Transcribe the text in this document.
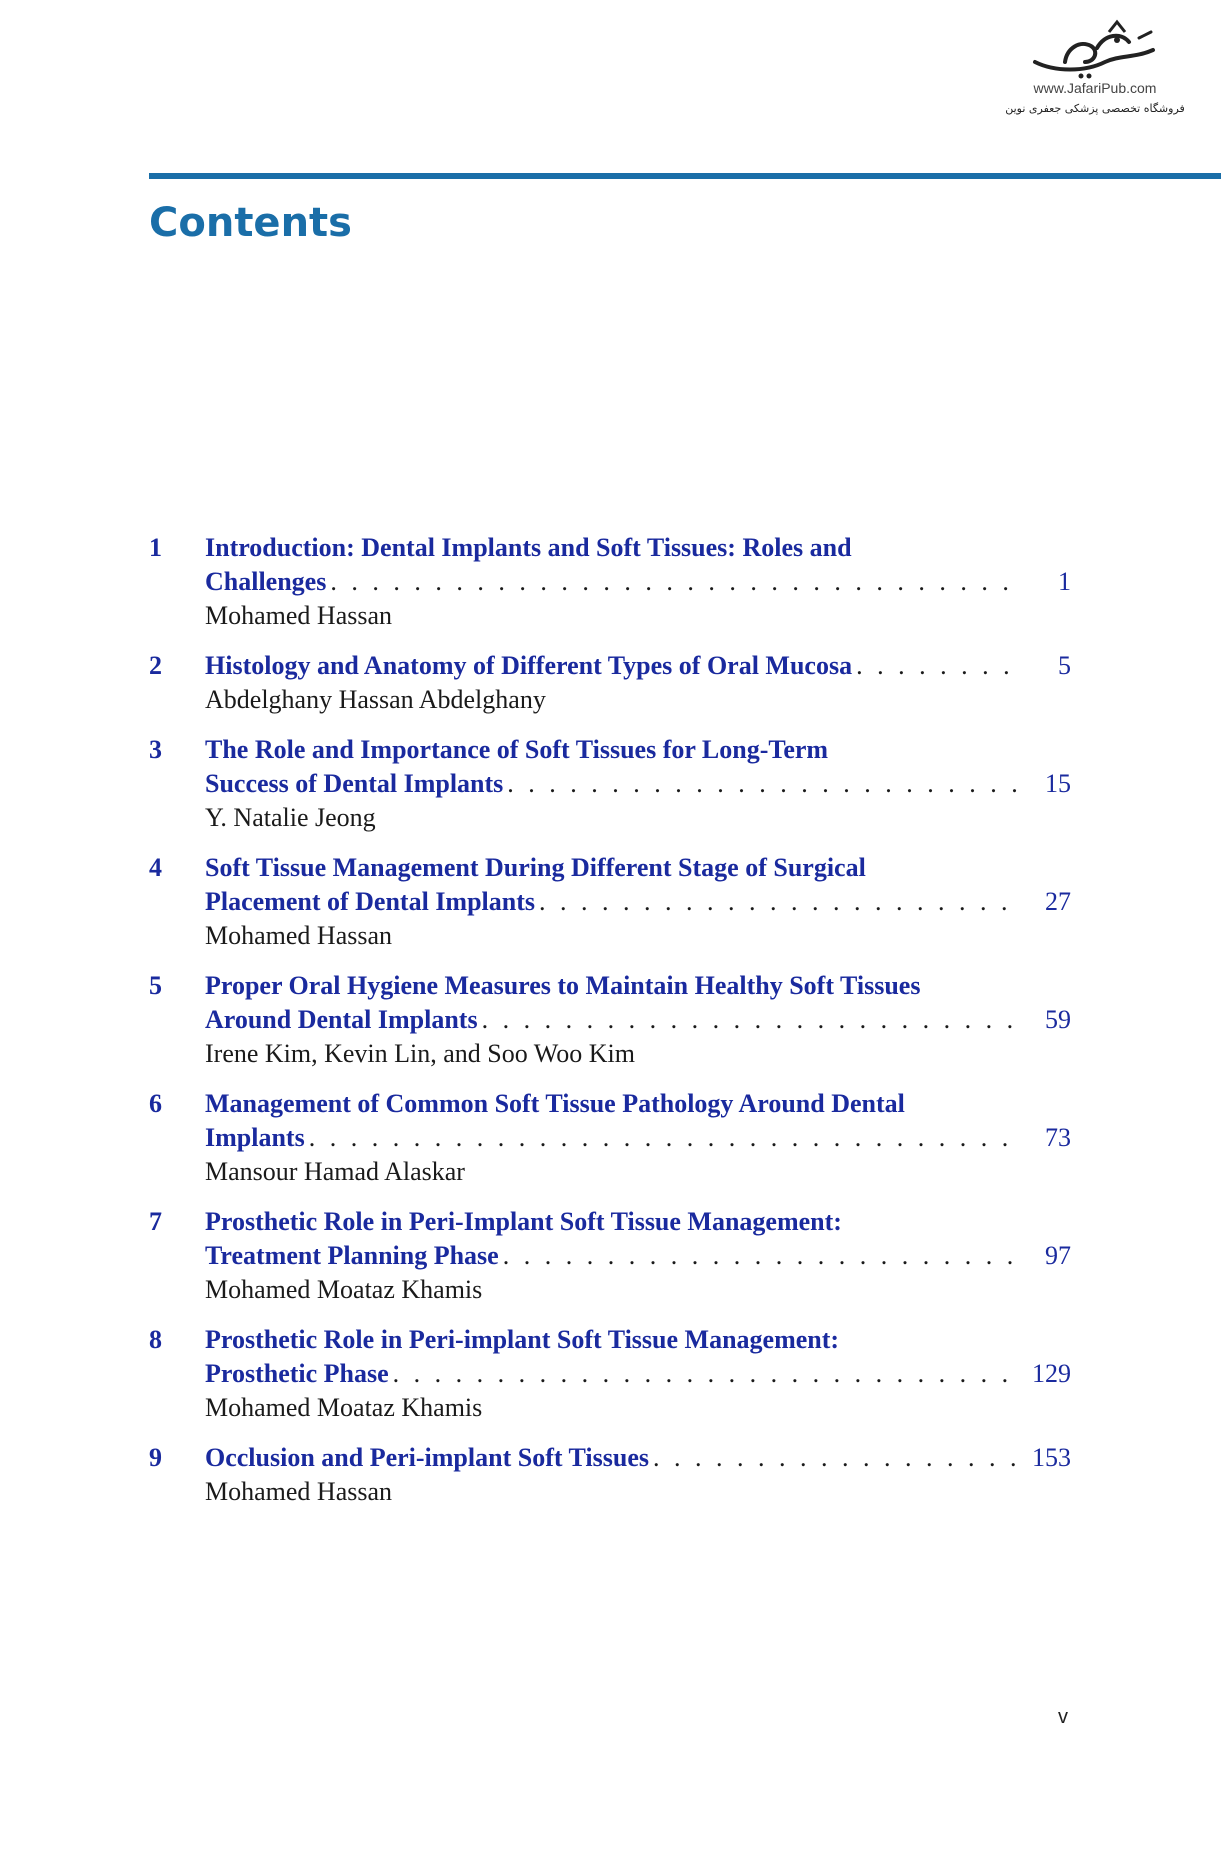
www.JafariPub.com
فروشگاه تخصصی پزشکی جعفری نوین
Contents
1	Introduction: Dental Implants and Soft Tissues: Roles and
Challenges . . .	1
Mohamed Hassan
2	Histology and Anatomy of Different Types of Oral Mucosa . . .	5
Abdelghany Hassan Abdelghany
3	The Role and Importance of Soft Tissues for Long-Term
Success of Dental Implants . . .	15
Y. Natalie Jeong
4	Soft Tissue Management During Different Stage of Surgical
Placement of Dental Implants . . .	27
Mohamed Hassan
5	Proper Oral Hygiene Measures to Maintain Healthy Soft Tissues
Around Dental Implants . . .	59
Irene Kim, Kevin Lin, and Soo Woo Kim
6	Management of Common Soft Tissue Pathology Around Dental
Implants . . .	73
Mansour Hamad Alaskar
7	Prosthetic Role in Peri-Implant Soft Tissue Management:
Treatment Planning Phase . . .	97
Mohamed Moataz Khamis
8	Prosthetic Role in Peri-implant Soft Tissue Management:
Prosthetic Phase . . .	129
Mohamed Moataz Khamis
9	Occlusion and Peri-implant Soft Tissues . . .	153
Mohamed Hassan
v
